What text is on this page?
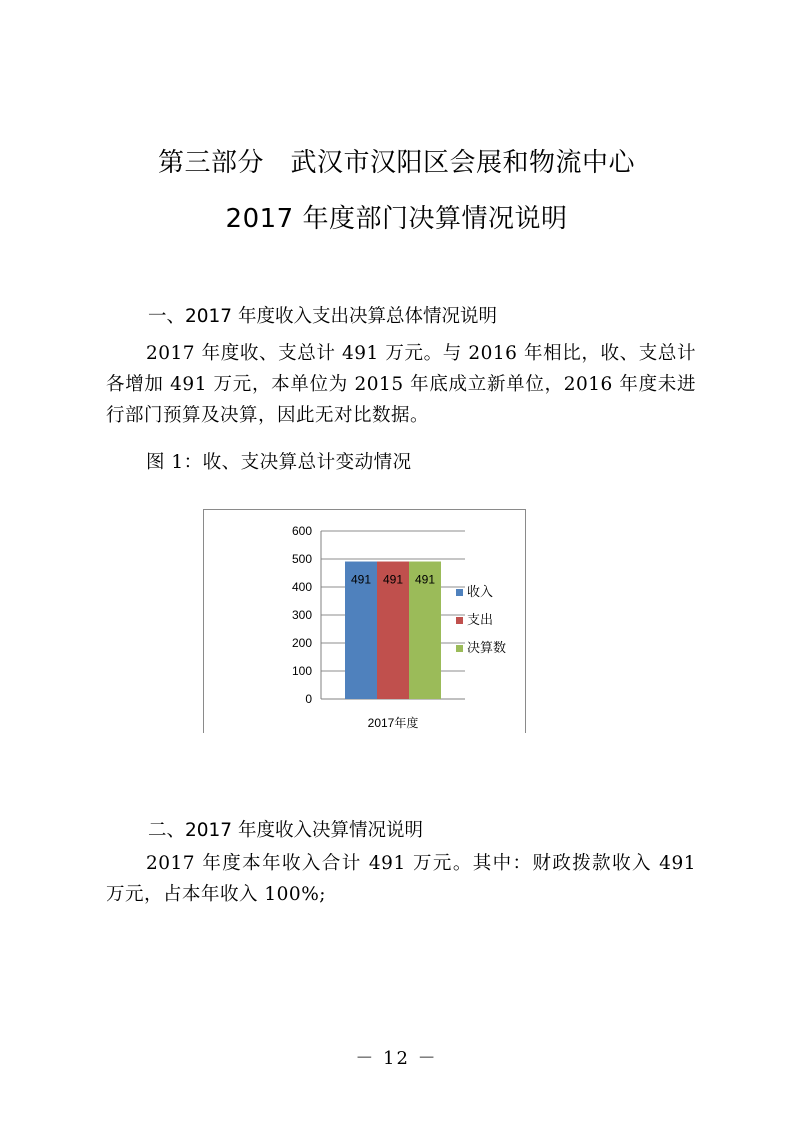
第三部分　武汉市汉阳区会展和物流中心
2017 年度部门决算情况说明
一、2017 年度收入支出决算总体情况说明

2017 年度收、支总计 491 万元。与 2016 年相比，收、支总计各增加 491 万元，本单位为 2015 年底成立新单位，2016 年度未进行部门预算及决算，因此无对比数据。

图 1：收、支决算总计变动情况
0
100
200
300
400
500
600
491 491 491
2017年度
收入
支出
决算数
二、2017 年度收入决算情况说明

2017 年度本年收入合计 491 万元。其中：财政拨款收入 491 万元，占本年收入 100%;

－ 12 －
